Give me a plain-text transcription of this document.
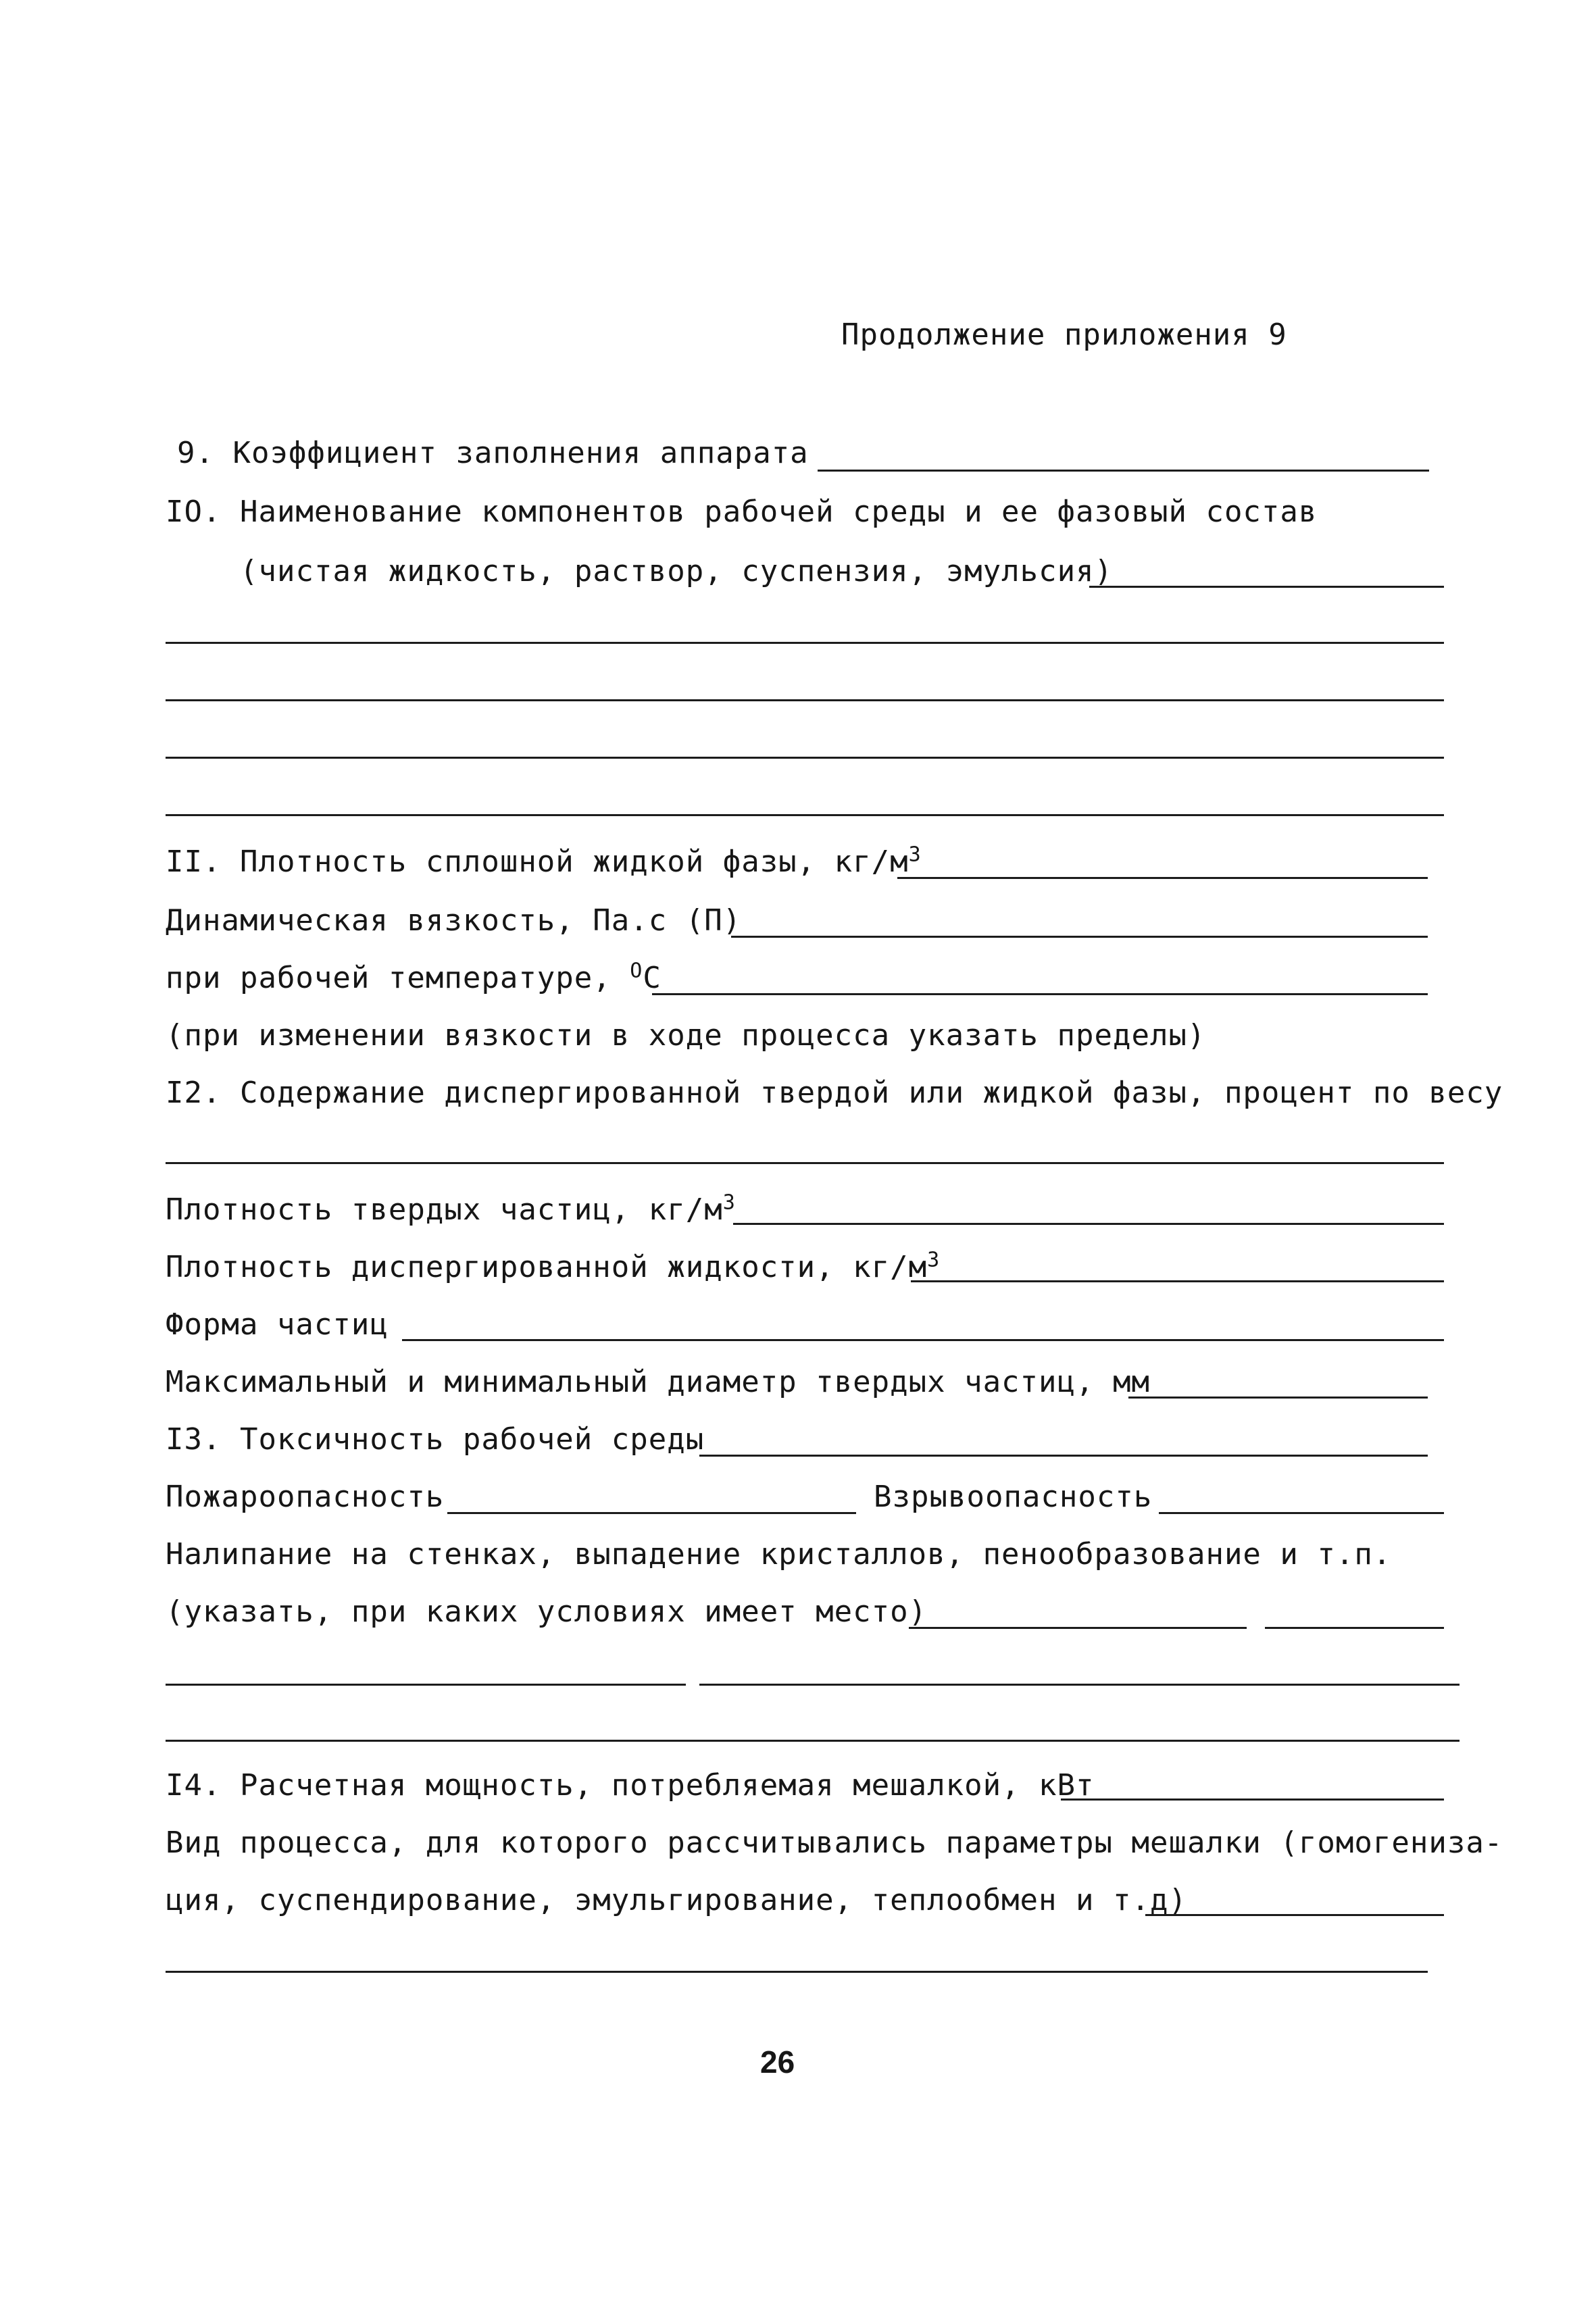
Продолжение приложения 9
9. Коэффициент заполнения аппарата
IO. Наименование компонентов рабочей среды и ее фазовый состав
(чистая жидкость, раствор, суспензия, эмульсия)
II. Плотность сплошной жидкой фазы, $кг/м^3$
Динамическая вязкость, Па.с (П)
при рабочей температуре, $^О$С
(при изменении вязкости в ходе процесса указать пределы)
I2. Содержание диспергированной твердой или жидкой фазы, процент по весу
Плотность твердых частиц, $кг/м^3$
Плотность диспергированной жидкости, $кг/м^3$
Форма частиц
Максимальный и минимальный диаметр твердых частиц, мм
I3. Токсичность рабочей среды
Пожароопасность	Взрывоопасность
Налипание на стенках, выпадение кристаллов, пенообразование и т.п.
(указать, при каких условиях имеет место)
I4. Расчетная мощность, потребляемая мешалкой, кВт
Вид процесса, для которого рассчитывались параметры мешалки (гомогениза-
ция, суспендирование, эмульгирование, теплообмен и т.д)
26
